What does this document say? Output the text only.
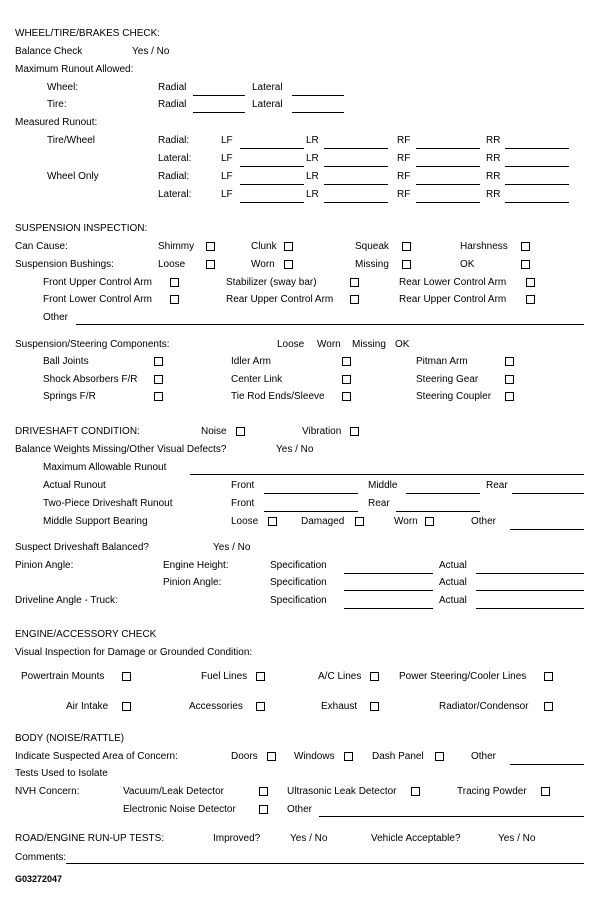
WHEEL/TIRE/BRAKES CHECK:
Balance Check	Yes / No
Maximum Runout Allowed:
Wheel:	Radial	Lateral
Tire:	Radial	Lateral
Measured Runout:
Tire/Wheel	Radial:	LF	LR	RF	RR
Lateral:	LF	LR	RF	RR
Wheel Only	Radial:	LF	LR	RF	RR
Lateral:	LF	LR	RF	RR
SUSPENSION INSPECTION:
Can Cause:	Shimmy	Clunk	Squeak	Harshness
Suspension Bushings:	Loose	Worn	Missing	OK
Front Upper Control Arm	Stabilizer (sway bar)	Rear Lower Control Arm
Front Lower Control Arm	Rear Upper Control Arm	Rear Upper Control Arm
Other
Suspension/Steering Components:	Loose Worn Missing OK
Ball Joints	Idler Arm	Pitman Arm
Shock Absorbers F/R	Center Link	Steering Gear
Springs F/R	Tie Rod Ends/Sleeve	Steering Coupler
DRIVESHAFT CONDITION:	Noise	Vibration
Balance Weights Missing/Other Visual Defects?	Yes / No
Maximum Allowable Runout
Actual Runout	Front	Middle	Rear
Two-Piece Driveshaft Runout	Front	Rear
Middle Support Bearing	Loose	Damaged	Worn	Other
Suspect Driveshaft Balanced?	Yes / No
Pinion Angle:	Engine Height:	Specification	Actual
Pinion Angle:	Specification	Actual
Driveline Angle - Truck:	Specification	Actual
ENGINE/ACCESSORY CHECK
Visual Inspection for Damage or Grounded Condition:
Powertrain Mounts	Fuel Lines	A/C Lines	Power Steering/Cooler Lines
Air Intake	Accessories	Exhaust	Radiator/Condensor
BODY (NOISE/RATTLE)
Indicate Suspected Area of Concern:	Doors	Windows	Dash Panel	Other
Tests Used to Isolate
NVH Concern:	Vacuum/Leak Detector	Ultrasonic Leak Detector	Tracing Powder
Electronic Noise Detector	Other
ROAD/ENGINE RUN-UP TESTS:	Improved?	Yes / No	Vehicle Acceptable?	Yes / No
Comments:
G03272047
